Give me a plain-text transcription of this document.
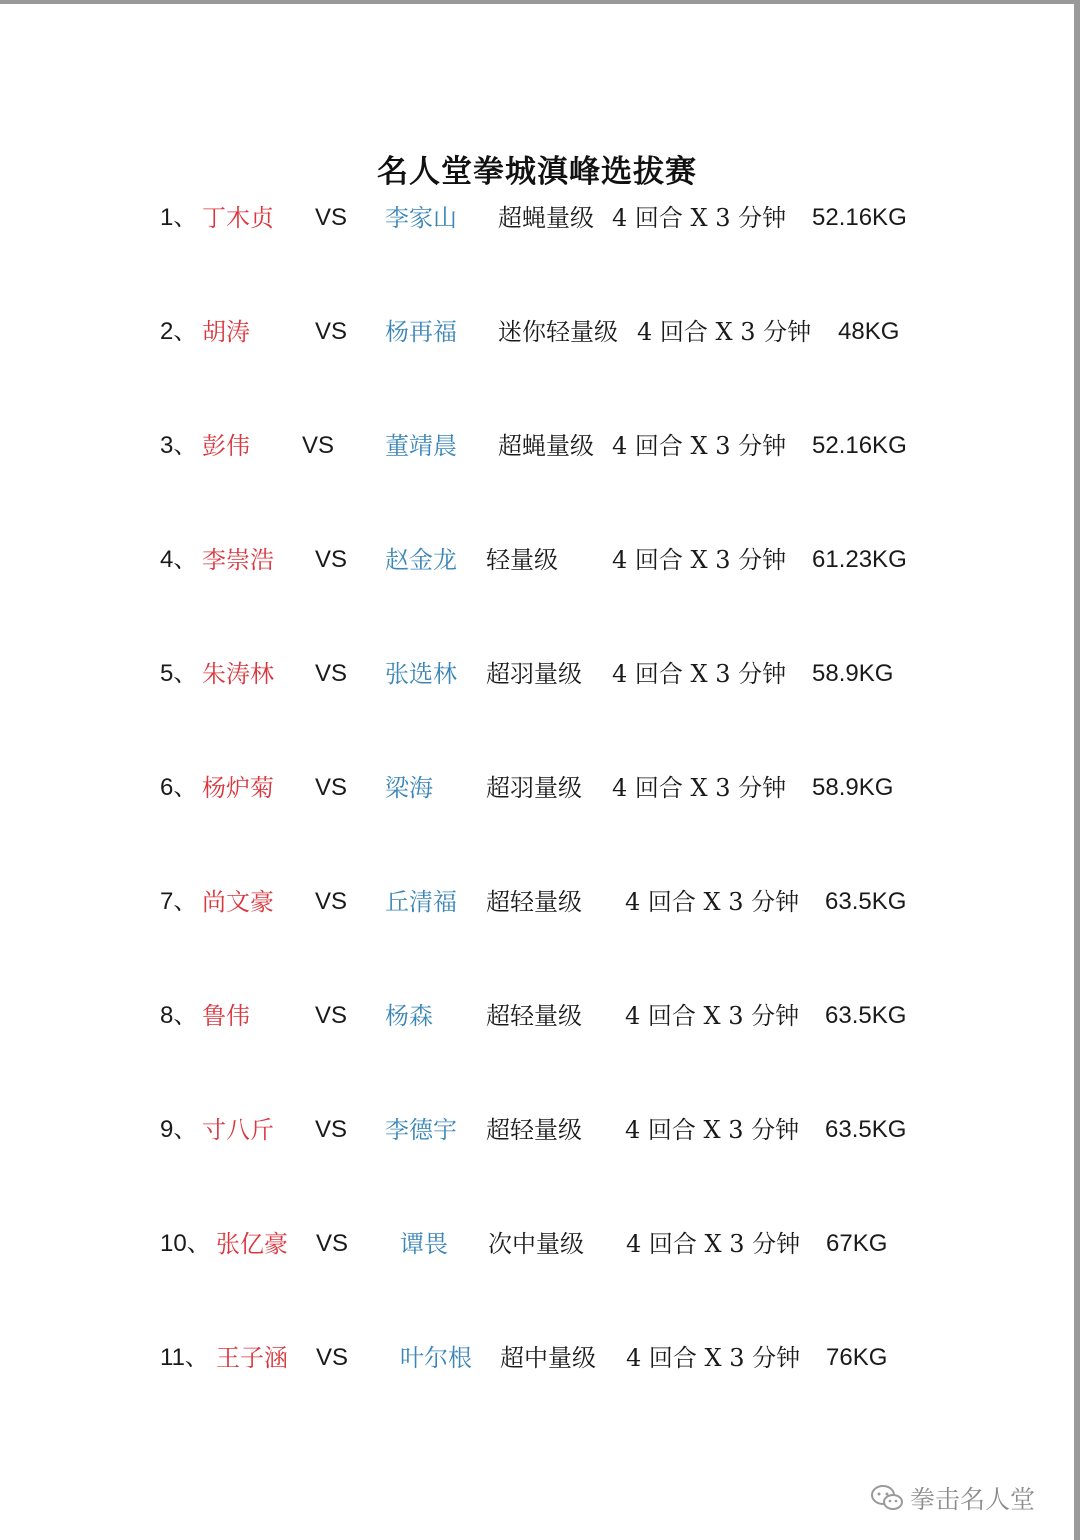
名人堂拳城滇峰选拔赛
1、 丁木贞 VS 李家山 超蝇量级 4 回合 X 3 分钟 52.16KG
2、 胡涛	VS 杨再福 迷你轻量级 4 回合 X 3 分钟 48KG
3、 彭伟 VS 董靖晨 超蝇量级 4 回合 X 3 分钟 52.16KG
4、 李崇浩 VS 赵金龙 轻量级 4 回合 X 3 分钟 61.23KG
5、 朱涛林 VS 张选林 超羽量级 4 回合 X 3 分钟 58.9KG
6、 杨炉菊 VS 梁海 超羽量级 4 回合 X 3 分钟 58.9KG
7、 尚文豪 VS 丘清福 超轻量级 4 回合 X 3 分钟 63.5KG
8、 鲁伟	VS 杨森 超轻量级 4 回合 X 3 分钟 63.5KG
9、 寸八斤 VS 李德宇 超轻量级 4 回合 X 3 分钟 63.5KG
10、 张亿豪 VS 谭畏 次中量级 4 回合 X 3 分钟 67KG
11、 王子涵 VS 叶尔根 超中量级 4 回合 X 3 分钟 76KG
拳击名人堂
